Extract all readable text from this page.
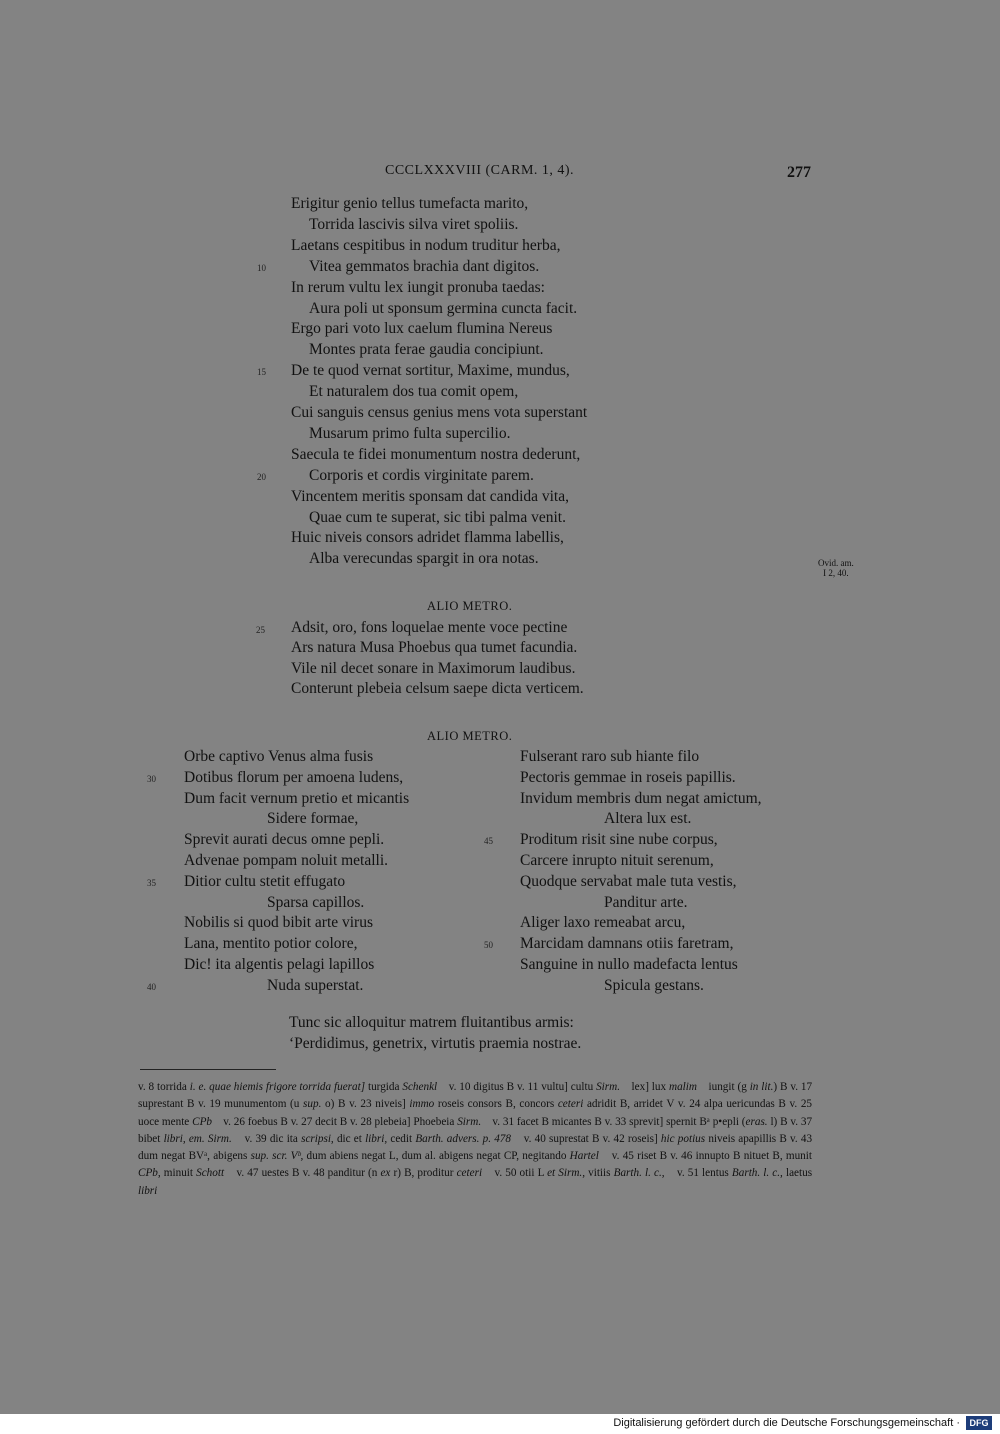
CCCLXXXVIII (CARM. 1, 4).	277
Erigitur genio tellus tumefacta marito,
Torrida lascivis silva viret spoliis.
Laetans cespitibus in nodum truditur herba,
Vitea gemmatos brachia dant digitos.
In rerum vultu lex iungit pronuba taedas:
Aura poli ut sponsum germina cuncta facit.
Ergo pari voto lux caelum flumina Nereus
Montes prata ferae gaudia concipiunt.
De te quod vernat sortitur, Maxime, mundus,
Et naturalem dos tua comit opem,
Cui sanguis census genius mens vota superstant
Musarum primo fulta supercilio.
Saecula te fidei monumentum nostra dederunt,
Corporis et cordis virginitate parem.
Vincentem meritis sponsam dat candida vita,
Quae cum te superat, sic tibi palma venit.
Huic niveis consors adridet flamma labellis,
Alba verecundas spargit in ora notas.
10
15
20
Ovid. am.
I 2, 40.
ALIO METRO.
25 Adsit, oro, fons loquelae mente voce pectine
Ars natura Musa Phoebus qua tumet facundia.
Vile nil decet sonare in Maximorum laudibus.
Conterunt plebeia celsum saepe dicta verticem.
ALIO METRO.
Orbe captivo Venus alma fusis
Dotibus florum per amoena ludens,
Dum facit vernum pretio et micantis
Sidere formae,
Sprevit aurati decus omne pepli.
Advenae pompam noluit metalli.
Ditior cultu stetit effugato
Sparsa capillos.
Nobilis si quod bibit arte virus
Lana, mentito potior colore,
Dic! ita algentis pelagi lapillos
Nuda superstat.
Fulserant raro sub hiante filo
Pectoris gemmae in roseis papillis.
Invidum membris dum negat amictum,
Altera lux est.
Proditum risit sine nube corpus,
Carcere inrupto nituit serenum,
Quodque servabat male tuta vestis,
Panditur arte.
Aliger laxo remeabat arcu,
Marcidam damnans otiis faretram,
Sanguine in nullo madefacta lentus
Spicula gestans.
30
35
40
45
50
Tunc sic alloquitur matrem fluitantibus armis:
‘Perdidimus, genetrix, virtutis praemia nostrae.
v. 8 torrida i. e. quae hiemis frigore torrida fuerat] turgida Schenkl v. 10 digitus B v. 11 vultu] cultu Sirm. lex] lux malim iungit (g in lit.) B v. 17 suprestant B v. 19 munumentom (u sup. o) B v. 23 niveis] immo roseis consors B, concors ceteri adridit B, arridet V v. 24 alpa uericundas B v. 25 uoce mente CPb v. 26 foebus B v. 27 decit B v. 28 plebeia] Phoebeia Sirm. v. 31 facet B micantes B v. 33 sprevit] spernit Bᵃ p•epli (eras. l) B v. 37 bibet libri, em. Sirm. v. 39 dic ita scripsi, dic et libri, cedit Barth. advers. p. 478 v. 40 suprestat B v. 42 roseis] hic potius niveis apapillis B v. 43 dum negat BVᵃ, abigens sup. scr. Vᵇ, dum abiens negat L, dum al. abigens negat CP, negitando Hartel v. 45 riset B v. 46 innupto B nituet B, munit CPb, minuit Schott v. 47 uestes B v. 48 panditur (n ex r) B, proditur ceteri v. 50 otii L et Sirm., vitiis Barth. l. c., v. 51 lentus Barth. l. c., laetus libri
Digitalisierung gefördert durch die Deutsche Forschungsgemeinschaft ·	DFG
